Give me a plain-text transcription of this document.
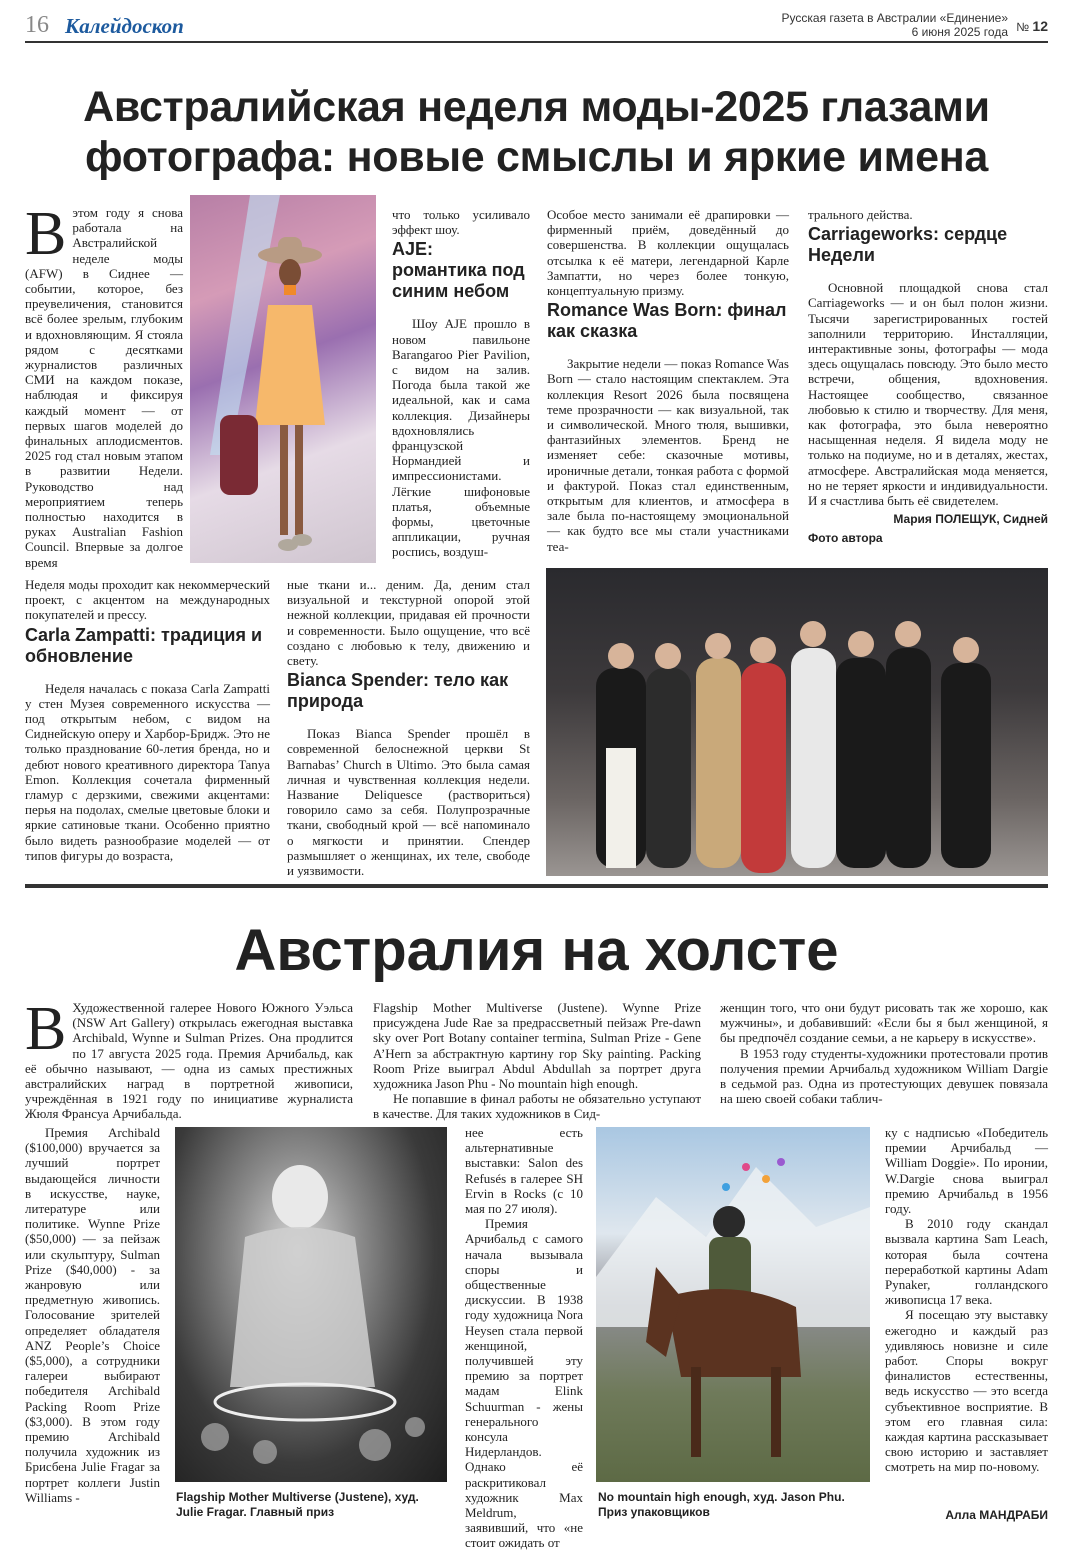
16 Калейдоскоп	Русская газета в Австралии «Единение»
6 июня 2025 года № 12
Австралийская неделя моды-2025 глазами
фотографа: новые смыслы и яркие имена
Вэтом году я снова работала на Австралийской неделе моды (AFW) в Сиднее — событии, которое, без преувеличения, становится всё более зрелым, глубоким и вдохновляющим. Я стояла рядом с десятками журналистов различных СМИ на каждом показе, наблюдая и фиксируя каждый момент — от первых шагов моделей до финальных аплодисментов. 2025 год стал новым этапом в развитии Недели. Руководство над мероприятием теперь полностью находится в руках Australian Fashion Council. Впервые за долгое время

Неделя моды проходит как некоммерческий проект, с акцентом на международных покупателей и прессу.

Carla Zampatti: традиция и обновление

Неделя началась с показа Carla Zampatti у стен Музея современного искусства — под открытым небом, с видом на Сиднейскую оперу и Харбор-Бридж. Это не только празднование 60-летия бренда, но и дебют нового креативного директора Tanya Emon. Коллекция сочетала фирменный гламур с дерзкими, свежими акцентами: перья на подолах, смелые цветовые блоки и яркие сатиновые ткани. Особенно приятно было видеть разнообразие моделей — от типов фигуры до возраста,

что только усиливало эффект шоу.

AJE: романтика под синим небом

Шоу AJE прошло в новом павильоне Barangaroo Pier Pavilion, с видом на залив. Погода была такой же идеальной, как и сама коллекция. Дизайнеры вдохновлялись французской Нормандией и импрессионистами. Лёгкие шифоновые платья, объемные формы, цветочные аппликации, ручная роспись, воздуш-

ные ткани и... деним. Да, деним стал визуальной и текстурной опорой этой нежной коллекции, придавая ей прочности и современности. Было ощущение, что всё создано с любовью к телу, движению и свету.

Bianca Spender: тело как природа

Показ Bianca Spender прошёл в современной белоснежной церкви St Barnabas’ Church в Ultimo. Это была самая личная и чувственная коллекция недели. Название Deliquesce (раствориться) говорило само за себя. Полупрозрачные ткани, свободный крой — всё напоминало о мягкости и принятии. Спендер размышляет о женщинах, их теле, свободе и уязвимости.

Особое место занимали её драпировки — фирменный приём, доведённый до совершенства. В коллекции ощущалась отсылка к её матери, легендарной Карле Зампатти, но через более тонкую, концептуальную призму.

Romance Was Born: финал как сказка

Закрытие недели — показ Romance Was Born — стало настоящим спектаклем. Эта коллекция Resort 2026 была посвящена теме прозрачности — как визуальной, так и символической. Много тюля, вышивки, фантазийных элементов. Бренд не изменяет себе: сказочные мотивы, ироничные детали, тонкая работа с формой и фактурой. Показ стал единственным, открытым для клиентов, и атмосфера в зале была по-настоящему эмоциональной — как будто все мы стали участниками теа-

трального действа.

Carriageworks: сердце Недели

Основной площадкой снова стал Carriageworks — и он был полон жизни. Тысячи зарегистрированных гостей заполнили территорию. Инсталляции, интерактивные зоны, фотографы — мода здесь ощущалась повсюду. Это было место встречи, общения, вдохновения. Настоящее сообщество, связанное любовью к стилю и творчеству. Для меня, как фотографа, это была невероятно насыщенная неделя. Я видела моду не только на подиуме, но и в деталях, жестах, атмосфере. Австралийская мода меняется, но не теряет яркости и индивидуальности. И я счастлива быть её свидетелем.

Мария ПОЛЕЩУК, Сидней
Фото автора
Австралия на холсте
В Художественной галерее Нового Южного Уэльса (NSW Art Gallery) открылась ежегодная выставка Archibald, Wynne и Sulman Prizes. Она продлится по 17 августа 2025 года. Премия Арчибальд, как её обычно называют, — одна из самых престижных австралийских наград в портретной живописи, учреждённая в 1921 году по инициативе журналиста Жюля Франсуа Арчибальда.

Flagship Mother Multiverse (Justene). Wynne Prize присуждена Jude Rae за предрассветный пейзаж Pre-dawn sky over Port Botany container termina, Sulman Prize - Gene A’Hern за абстрактную картину гор Sky painting. Packing Room Prize выиграл Abdul Abdullah за портрет друга художника Jason Phu - No mountain high enough.

Не попавшие в финал работы не обязательно уступают в качестве. Для таких художников в Сид-

женщин того, что они будут рисовать так же хорошо, как мужчины», и добавивший: «Если бы я был женщиной, я бы предпочёл создание семьи, а не карьеру в искусстве».

В 1953 году студенты-художники протестовали против получения премии Арчибальд художником William Dargie в седьмой раз. Одна из протестующих девушек повязала на шею своей собаки таблич-

Премия Archibald ($100,000) вручается за лучший портрет выдающейся личности в искусстве, науке, литературе или политике. Wynne Prize ($50,000) — за пейзаж или скульптуру, Sulman Prize ($40,000) - за жанровую или предметную живопись. Голосование зрителей определяет обладателя ANZ People’s Choice ($5,000), а сотрудники галереи выбирают победителя Archibald Packing Room Prize ($3,000). В этом году премию Archibald получила художник из Брисбена Julie Fragar за портрет коллеги Justin Williams -	Flagship Mother Multiverse (Justene), худ. Julie Fragar. Главный приз

нее есть альтернативные выставки: Salon des Refusés в галерее SH Ervin в Rocks (с 10 мая по 27 июля).

Премия Арчибальд с самого начала вызывала споры и общественные дискуссии. В 1938 году художница Nora Heysen стала первой женщиной, получившей эту премию за портрет мадам Elink Schuurman - жены генерального консула Нидерландов. Однако её раскритиковал художник Max Meldrum, заявивший, что «не стоит ожидать от

No mountain high enough, худ. Jason Phu. Приз упаковщиков

ку с надписью «Победитель премии Арчибальд — William Doggie». По иронии, W.Dargie снова выиграл премию Арчибальд в 1956 году.

В 2010 году скандал вызвала картина Sam Leach, которая была сочтена переработкой картины Adam Pynaker, голландского живописца 17 века.

Я посещаю эту выставку ежегодно и каждый раз удивляюсь новизне и силе работ. Споры вокруг финалистов естественны, ведь искусство — это всегда субъективное восприятие. В этом его главная сила: каждая картина рассказывает свою историю и заставляет смотреть на мир по-новому.

Алла МАНДРАБИ
